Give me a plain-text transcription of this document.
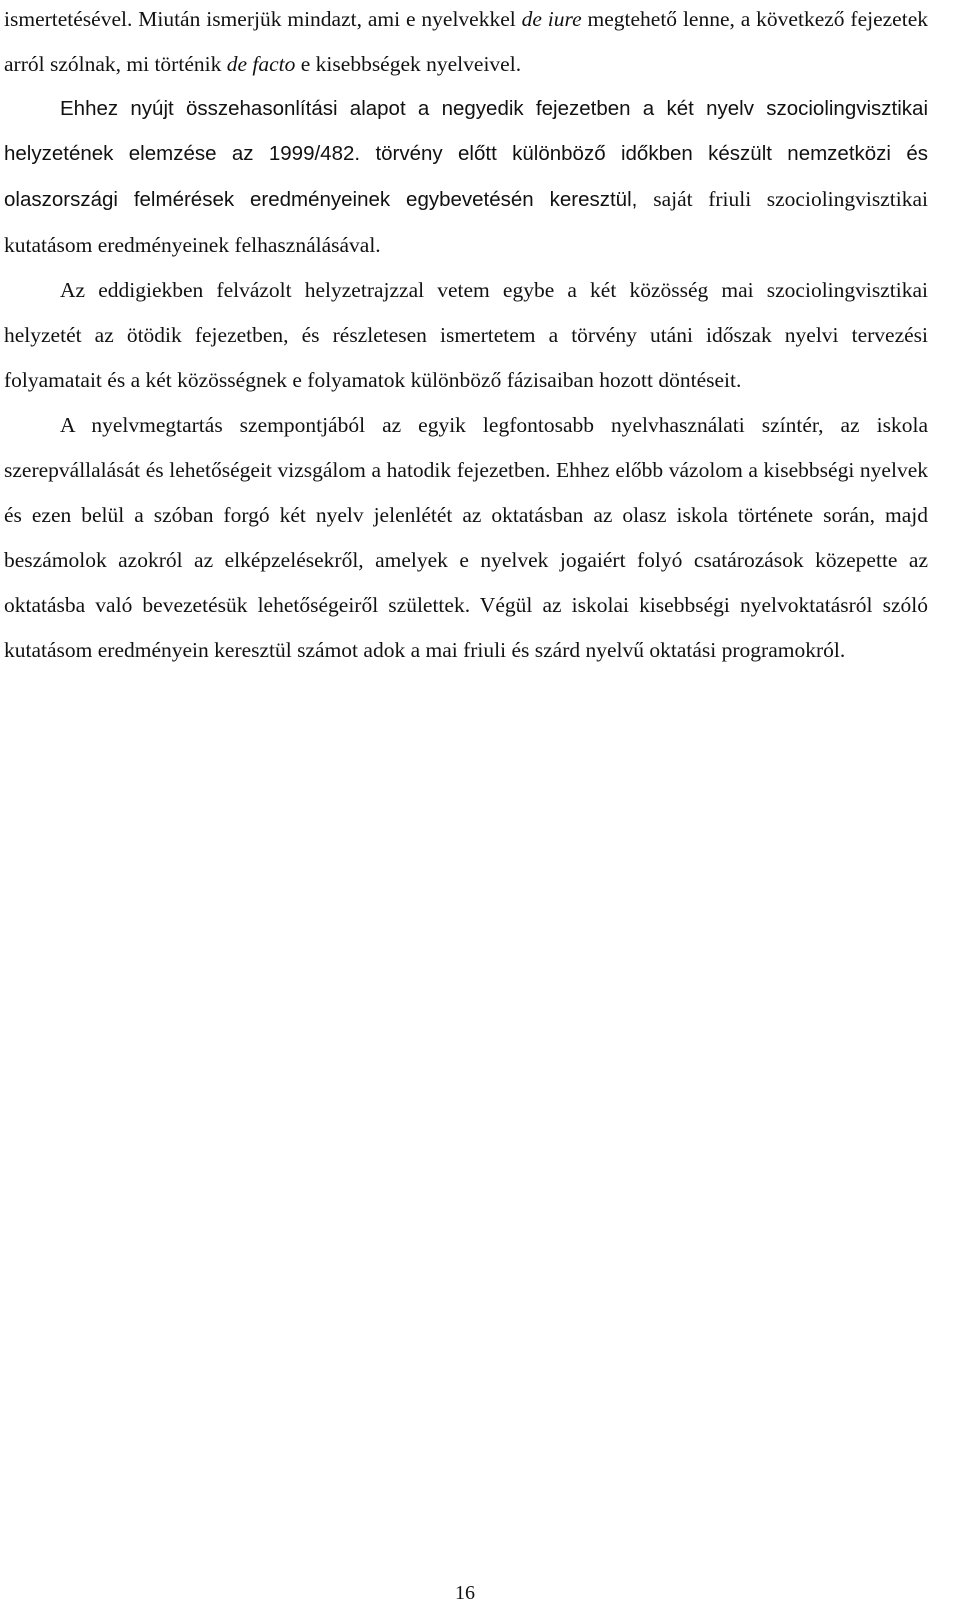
ismertetésével. Miután ismerjük mindazt, ami e nyelvekkel de iure megtehető lenne, a következő fejezetek arról szólnak, mi történik de facto e kisebbségek nyelveivel.

Ehhez nyújt összehasonlítási alapot a negyedik fejezetben a két nyelv szociolingvisztikai helyzetének elemzése az 1999/482. törvény előtt különböző időkben készült nemzetközi és olaszországi felmérések eredményeinek egybevetésén keresztül, saját friuli szociolingvisztikai kutatásom eredményeinek felhasználásával.

Az eddigiekben felvázolt helyzetrajzzal vetem egybe a két közösség mai szociolingvisztikai helyzetét az ötödik fejezetben, és részletesen ismertetem a törvény utáni időszak nyelvi tervezési folyamatait és a két közösségnek e folyamatok különböző fázisaiban hozott döntéseit.

A nyelvmegtartás szempontjából az egyik legfontosabb nyelvhasználati színtér, az iskola szerepvállalását és lehetőségeit vizsgálom a hatodik fejezetben. Ehhez előbb vázolom a kisebbségi nyelvek és ezen belül a szóban forgó két nyelv jelenlétét az oktatásban az olasz iskola története során, majd beszámolok azokról az elképzelésekről, amelyek e nyelvek jogaiért folyó csatározások közepette az oktatásba való bevezetésük lehetőségeiről születtek. Végül az iskolai kisebbségi nyelvoktatásról szóló kutatásom eredményein keresztül számot adok a mai friuli és szárd nyelvű oktatási programokról.

16
